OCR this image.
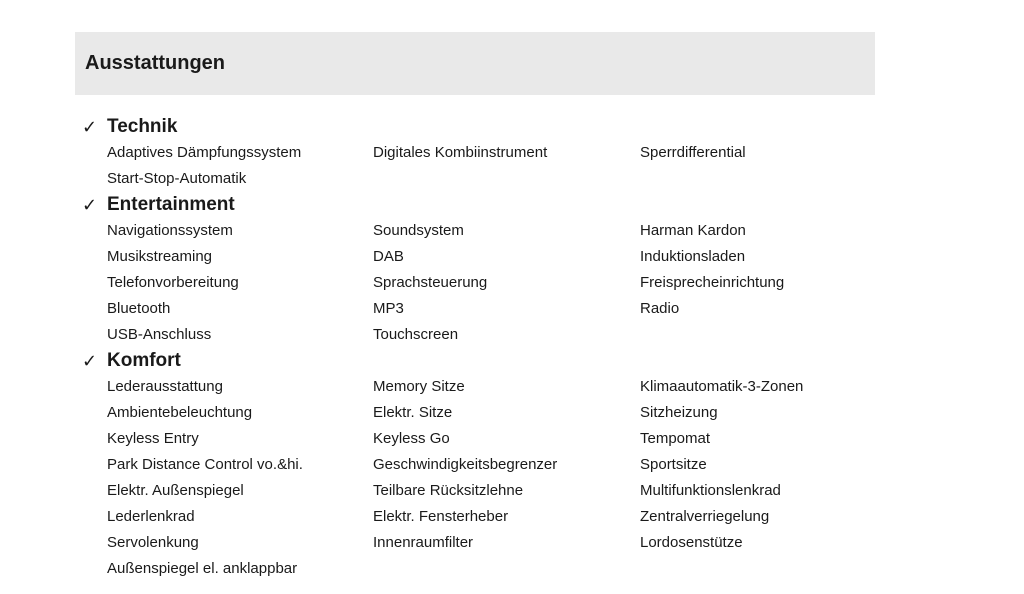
Ausstattungen
✓ Technik
Adaptives Dämpfungssystem	Digitales Kombiinstrument	Sperrdifferential
Start-Stop-Automatik
✓ Entertainment
Navigationssystem	Soundsystem	Harman Kardon
Musikstreaming	DAB	Induktionsladen
Telefonvorbereitung	Sprachsteuerung	Freisprecheinrichtung
Bluetooth	MP3	Radio
USB-Anschluss	Touchscreen
✓ Komfort
Lederausstattung	Memory Sitze	Klimaautomatik-3-Zonen
Ambientebeleuchtung	Elektr. Sitze	Sitzheizung
Keyless Entry	Keyless Go	Tempomat
Park Distance Control vo.&hi.	Geschwindigkeitsbegrenzer	Sportsitze
Elektr. Außenspiegel	Teilbare Rücksitzlehne	Multifunktionslenkrad
Lederlenkrad	Elektr. Fensterheber	Zentralverriegelung
Servolenkung	Innenraumfilter	Lordosenstütze
Außenspiegel el. anklappbar
